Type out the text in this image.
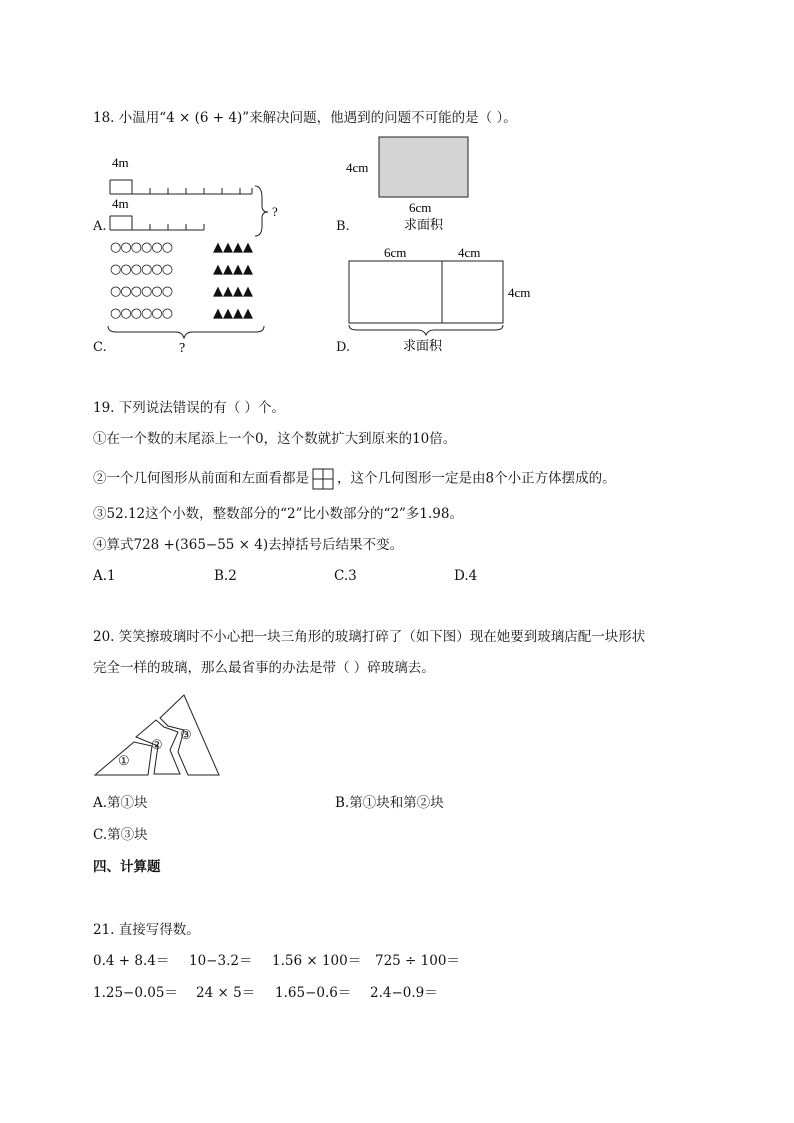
18. 小温用“4 × (6 + 4)”来解决问题，他遇到的问题不可能的是（ ）。
4m
4m
?
A.
4cm
6cm
求面积
B.
○○○○○○
○○○○○○
○○○○○○
○○○○○○
▲▲▲▲
▲▲▲▲
▲▲▲▲
▲▲▲▲
?
C.
6cm	4cm
4cm
求面积
D.
19. 下列说法错误的有（ ）个。
①在一个数的末尾添上一个0，这个数就扩大到原来的10倍。
②一个几何图形从前面和左面看都是 ，这个几何图形一定是由8个小正方体摆成的。
③52.12这个小数，整数部分的“2”比小数部分的“2”多1.98。
④算式728 +(365−55 × 4)去掉括号后结果不变。
A.1	B.2	C.3	D.4
20. 笑笑擦玻璃时不小心把一块三角形的玻璃打碎了（如下图）现在她要到玻璃店配一块形状
完全一样的玻璃，那么最省事的办法是带（ ）碎玻璃去。
①
②
③
A.第①块	B.第①块和第②块
C.第③块
四、计算题
21. 直接写得数。
0.4 + 8.4＝ 10−3.2＝ 1.56 × 100＝ 725 ÷ 100＝
1.25−0.05＝ 24 × 5＝ 1.65−0.6＝ 2.4−0.9＝
